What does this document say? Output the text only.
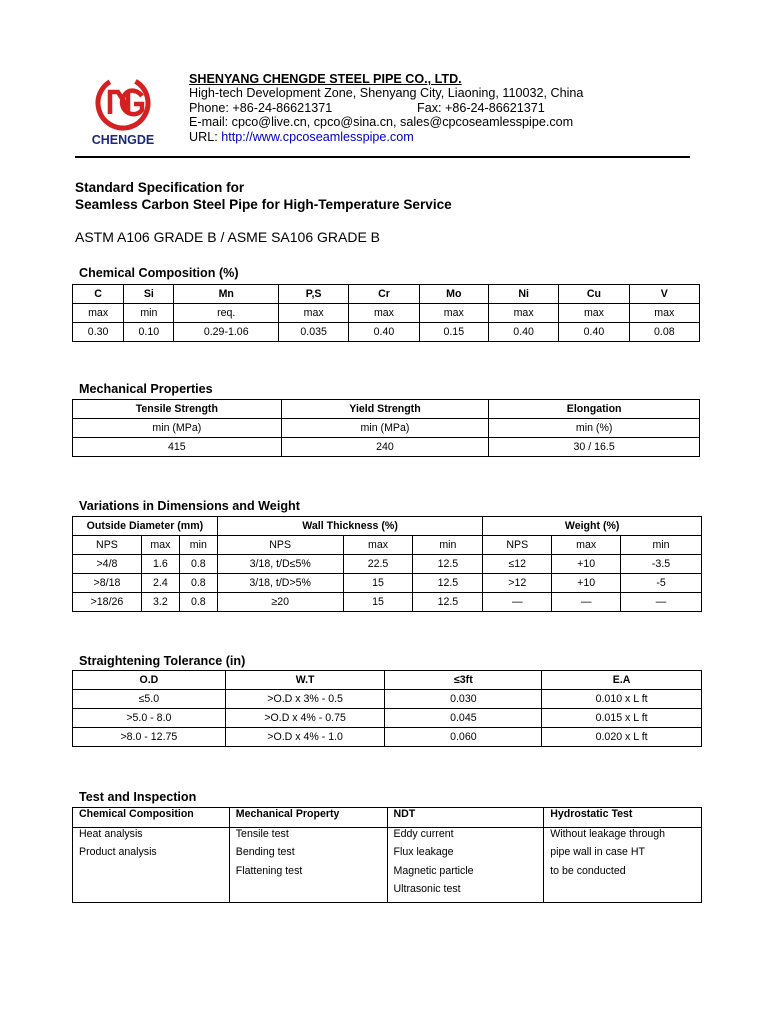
CHENGDE
SHENYANG CHENGDE STEEL PIPE CO., LTD.
High-tech Development Zone, Shenyang City, Liaoning, 110032, China
Phone: +86-24-86621371	Fax: +86-24-86621371
E-mail: cpco@live.cn, cpco@sina.cn, sales@cpcoseamlesspipe.com
URL: http://www.cpcoseamlesspipe.com
Standard Specification for
Seamless Carbon Steel Pipe for High-Temperature Service
ASTM A106 GRADE B / ASME SA106 GRADE B
Chemical Composition (%)
C	Si	Mn	P,S	Cr	Mo	Ni	Cu	V
max	min	req.	max	max	max	max	max	max
0.30	0.10	0.29-1.06	0.035	0.40	0.15	0.40	0.40	0.08
Mechanical Properties
Tensile Strength	Yield Strength	Elongation
min (MPa)	min (MPa)	min (%)
415	240	30 / 16.5
Variations in Dimensions and Weight
Outside Diameter (mm)			Wall Thickness (%)			Weight (%)		
NPS	max	min	NPS	max	min	NPS	max	min
>4/8	1.6	0.8	3/18, t/D≤5%	22.5	12.5	≤12	+10	-3.5
>8/18	2.4	0.8	3/18, t/D>5%	15	12.5	>12	+10	-5
>18/26	3.2	0.8	≥20	15	12.5	—	—	—
Straightening Tolerance (in)
O.D	W.T	≤3ft	E.A
≤5.0	>O.D x 3% - 0.5	0.030	0.010 x L ft
>5.0 - 8.0	>O.D x 4% - 0.75	0.045	0.015 x L ft
>8.0 - 12.75	>O.D x 4% - 1.0	0.060	0.020 x L ft
Test and Inspection
Chemical Composition	Mechanical Property	NDT	Hydrostatic Test
Heat analysis	Tensile test	Eddy current	Without leakage through
Product analysis	Bending test	Flux leakage	pipe wall in case HT
	Flattening test	Magnetic particle	to be conducted
		Ultrasonic test	
